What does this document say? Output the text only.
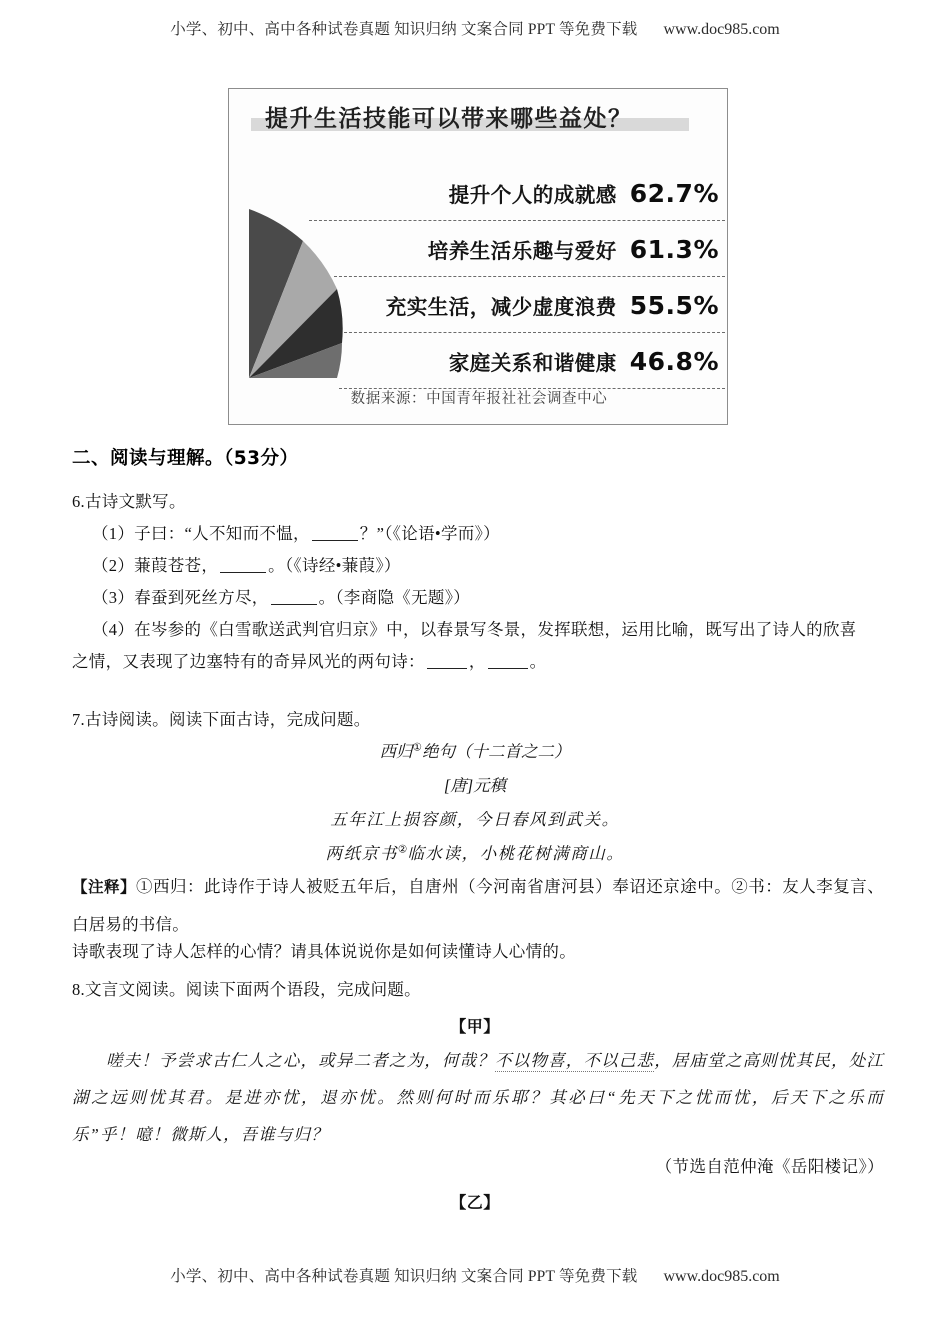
小学、初中、高中各种试卷真题 知识归纳 文案合同 PPT 等免费下载 www.doc985.com
提升生活技能可以带来哪些益处？
提升个人的成就感 62.7%
培养生活乐趣与爱好 61.3%
充实生活，减少虚度浪费 55.5%
家庭关系和谐健康 46.8%
数据来源：中国青年报社社会调查中心
二、阅读与理解。（53分）
6.古诗文默写。
（1）子曰：“人不知而不愠，	？”（《论语•学而》）
（2）蒹葭苍苍，	。（《诗经•蒹葭》）
（3）春蚕到死丝方尽，	。（李商隐《无题》）
（4）在岑参的《白雪歌送武判官归京》中，以春景写冬景，发挥联想，运用比喻，既写出了诗人的欣喜
之情，又表现了边塞特有的奇异风光的两句诗：	，	。
7.古诗阅读。阅读下面古诗，完成问题。
西归①绝句（十二首之二）
[唐]元稹
五年江上损容颜，今日春风到武关。
两纸京书②临水读，小桃花树满商山。
【注释】①西归：此诗作于诗人被贬五年后，自唐州（今河南省唐河县）奉诏还京途中。②书：友人李复言、白居易的书信。
诗歌表现了诗人怎样的心情？请具体说说你是如何读懂诗人心情的。
8.文言文阅读。阅读下面两个语段，完成问题。
【甲】
嗟夫！予尝求古仁人之心，或异二者之为，何哉？不以物喜，不以己悲，居庙堂之高则忧其民，处江湖之远则忧其君。是进亦忧，退亦忧。然则何时而乐耶？其必曰“先天下之忧而忧，后天下之乐而乐”乎！噫！微斯人，吾谁与归？
（节选自范仲淹《岳阳楼记》）
【乙】
小学、初中、高中各种试卷真题 知识归纳 文案合同 PPT 等免费下载 www.doc985.com
